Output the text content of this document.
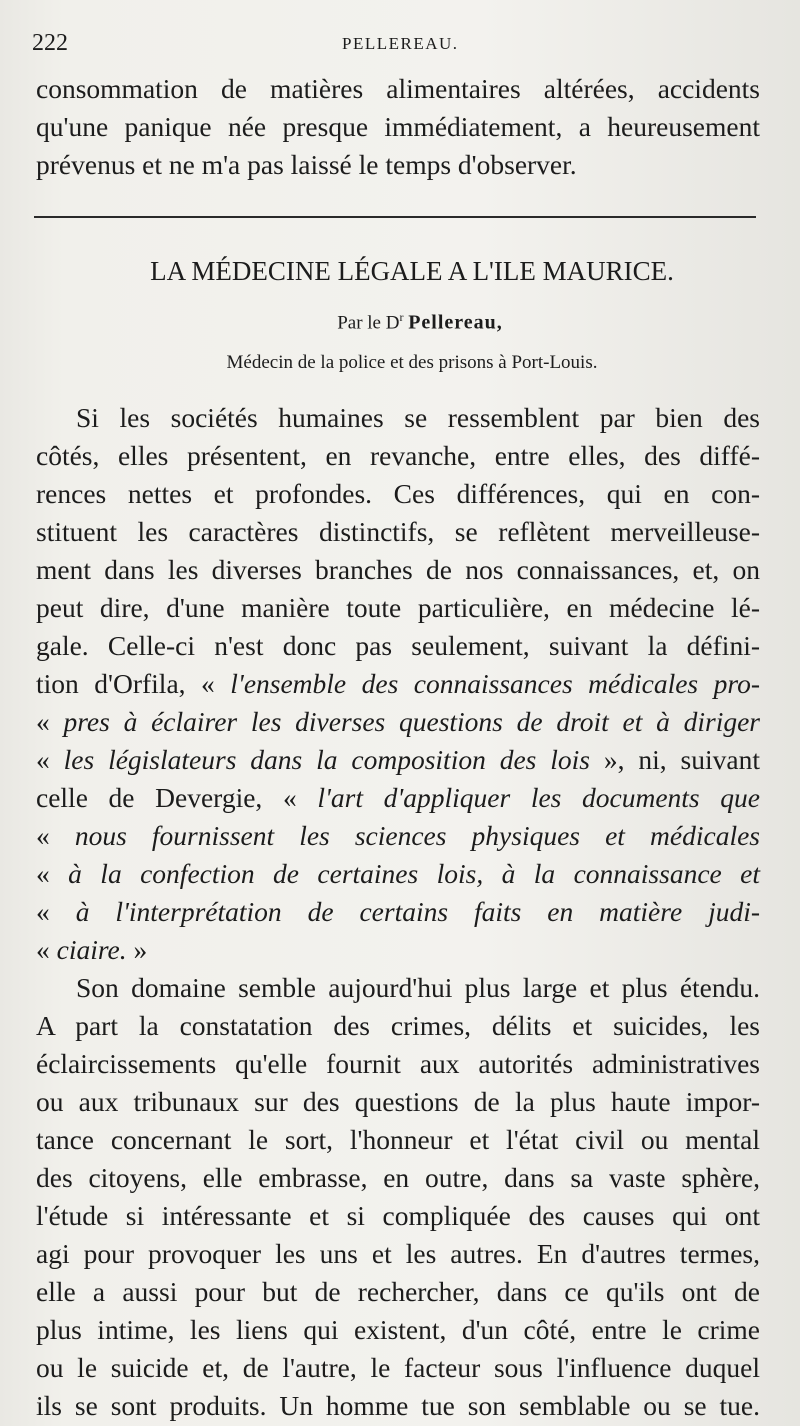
222	PELLEREAU.
consommation de matières alimentaires altérées, accidents
qu'une panique née presque immédiatement, a heureusement
prévenus et ne m'a pas laissé le temps d'observer.
LA MÉDECINE LÉGALE A L'ILE MAURICE.
Par le $D^r$ Pellereau,
Médecin de la police et des prisons à Port-Louis.
Si les sociétés humaines se ressemblent par bien des
côtés, elles présentent, en revanche, entre elles, des diffé-
rences nettes et profondes. Ces différences, qui en con-
stituent les caractères distinctifs, se reflètent merveilleuse-
ment dans les diverses branches de nos connaissances, et, on
peut dire, d'une manière toute particulière, en médecine lé-
gale. Celle-ci n'est donc pas seulement, suivant la défini-
tion d'Orfila, « l'ensemble des connaissances médicales pro-
« pres à éclairer les diverses questions de droit et à diriger
« les législateurs dans la composition des lois », ni, suivant
celle de Devergie, « l'art d'appliquer les documents que
« nous fournissent les sciences physiques et médicales
« à la confection de certaines lois, à la connaissance et
« à l'interprétation de certains faits en matière judi-
« ciaire. »
Son domaine semble aujourd'hui plus large et plus étendu.
A part la constatation des crimes, délits et suicides, les
éclaircissements qu'elle fournit aux autorités administratives
ou aux tribunaux sur des questions de la plus haute impor-
tance concernant le sort, l'honneur et l'état civil ou mental
des citoyens, elle embrasse, en outre, dans sa vaste sphère,
l'étude si intéressante et si compliquée des causes qui ont
agi pour provoquer les uns et les autres. En d'autres termes,
elle a aussi pour but de rechercher, dans ce qu'ils ont de
plus intime, les liens qui existent, d'un côté, entre le crime
ou le suicide et, de l'autre, le facteur sous l'influence duquel
ils se sont produits. Un homme tue son semblable ou se tue.
